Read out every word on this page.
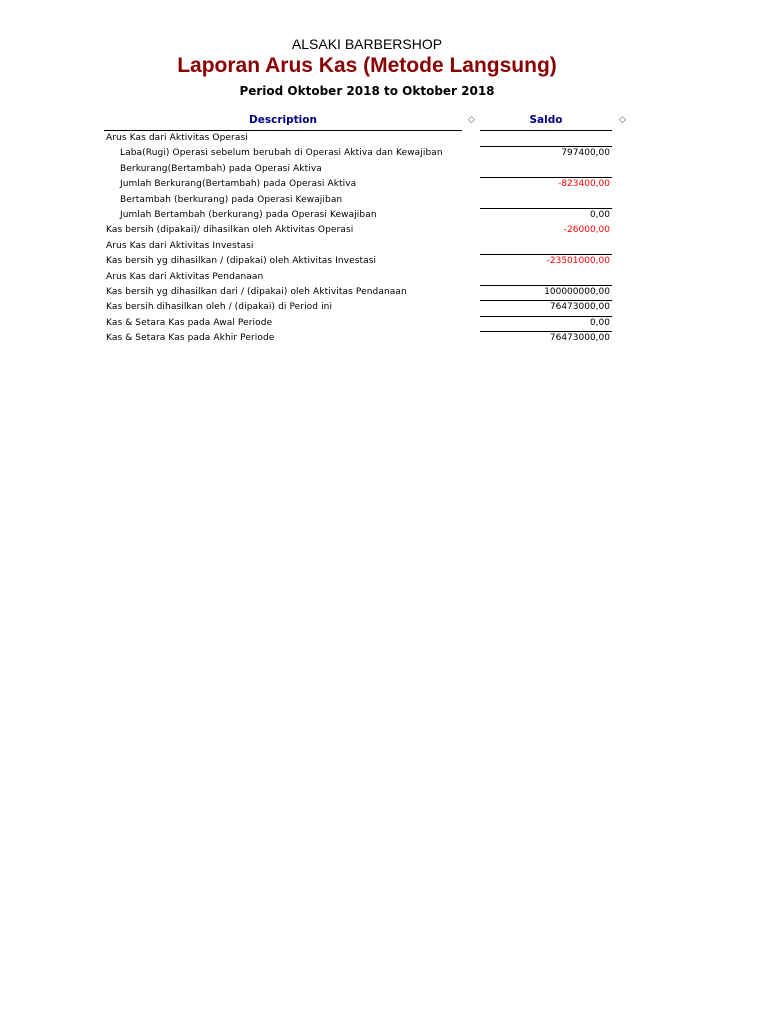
ALSAKI BARBERSHOP
Laporan Arus Kas (Metode Langsung)
Period Oktober 2018 to Oktober 2018
Description	◇	Saldo	◇
Arus Kas dari Aktivitas Operasi
Laba(Rugi) Operasi sebelum berubah di Operasi Aktiva dan Kewajiban	797400,00
Berkurang(Bertambah) pada Operasi Aktiva
Jumlah Berkurang(Bertambah) pada Operasi Aktiva	-823400,00
Bertambah (berkurang) pada Operasi Kewajiban
Jumlah Bertambah (berkurang) pada Operasi Kewajiban	0,00
Kas bersih (dipakai)/ dihasilkan oleh Aktivitas Operasi	-26000,00
Arus Kas dari Aktivitas Investasi
Kas bersih yg dihasilkan / (dipakai) oleh Aktivitas Investasi	-23501000,00
Arus Kas dari Aktivitas Pendanaan
Kas bersih yg dihasilkan dari / (dipakai) oleh Aktivitas Pendanaan	100000000,00
Kas bersih dihasilkan oleh / (dipakai) di Period ini	76473000,00
Kas & Setara Kas pada Awal Periode	0,00
Kas & Setara Kas pada Akhir Periode	76473000,00
